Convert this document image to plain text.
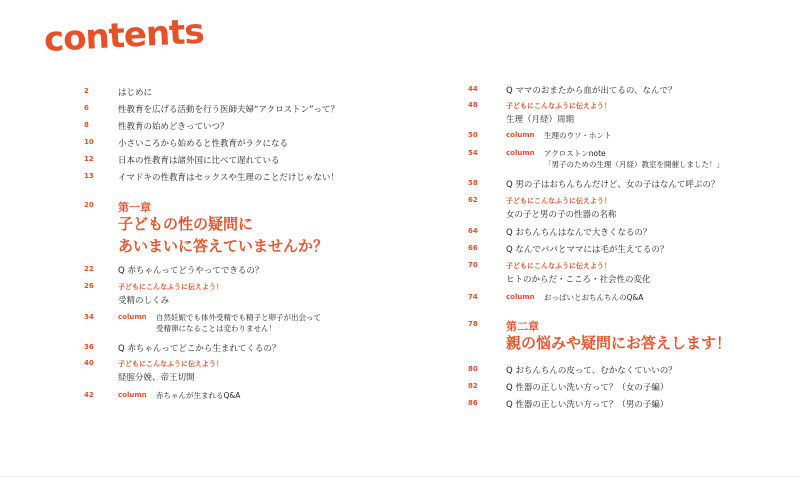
contents
2	はじめに
6	性教育を広げる活動を行う医師夫婦“アクロストン”って？
8	性教育の始めどきっていつ？
10	小さいころから始めると性教育がラクになる
12	日本の性教育は諸外国に比べて遅れている
13	イマドキの性教育はセックスや生理のことだけじゃない！
20	第一章
子どもの性の疑問に
あいまいに答えていませんか？
22	Q 赤ちゃんってどうやってできるの？
26	子どもにこんなふうに伝えよう！
受精のしくみ
34	column 自然妊娠でも体外受精でも精子と卵子が出会って
受精卵になることは変わりません！
36	Q 赤ちゃんってどこから生まれてくるの？
40	子どもにこんなふうに伝えよう！
経腟分娩、帝王切開
42	column 赤ちゃんが生まれるQ&A
44	Q ママのおまたから血が出てるの、なんで？
48	子どもにこんなふうに伝えよう！
生理（月経）周期
50	column 生理のウソ・ホント
54	column アクロストンnote
「男子のための生理（月経）教室を開催しました！」
58	Q 男の子はおちんちんだけど、女の子はなんて呼ぶの？
62	子どもにこんなふうに伝えよう！
女の子と男の子の性器の名称
64	Q おちんちんはなんで大きくなるの？
66	Q なんでパパとママには毛が生えてるの？
70	子どもにこんなふうに伝えよう！
ヒトのからだ・こころ・社会性の変化
74	column おっぱいとおちんちんのQ&A
78	第二章
親の悩みや疑問にお答えします！
80	Q おちんちんの皮って、むかなくていいの？
82	Q 性器の正しい洗い方って？（女の子編）
86	Q 性器の正しい洗い方って？（男の子編）
